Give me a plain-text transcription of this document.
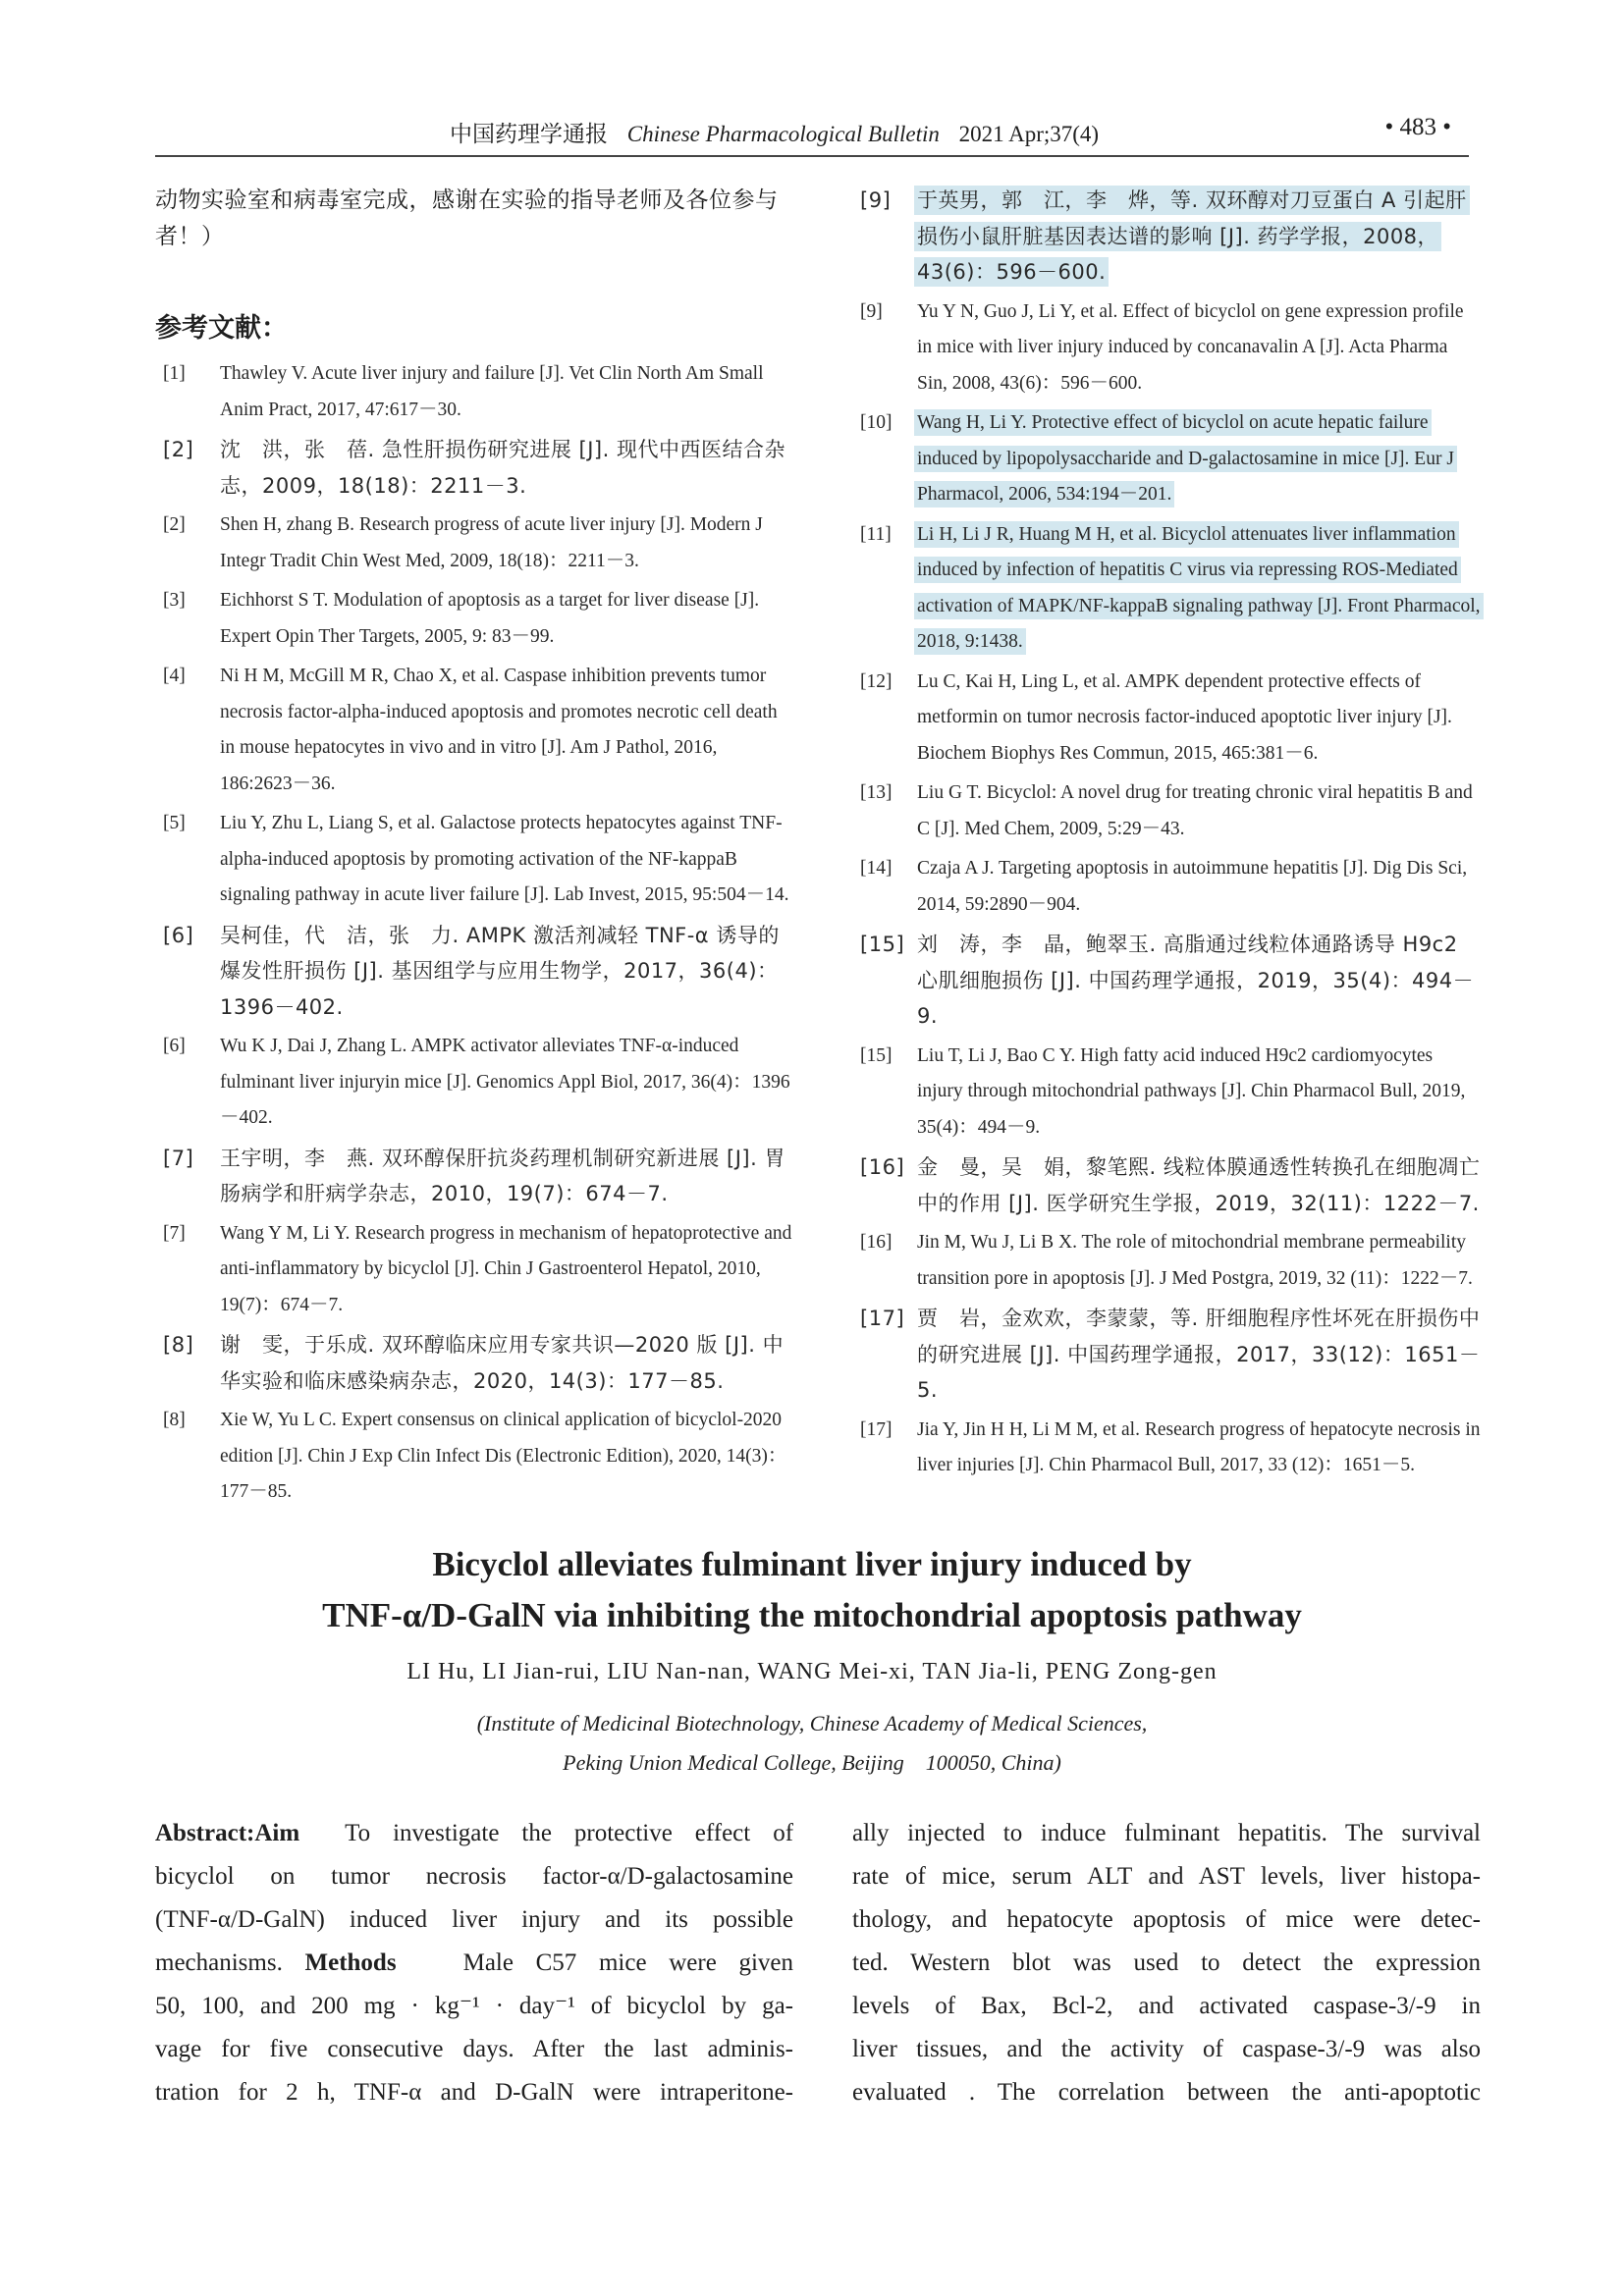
中国药理学通报 Chinese Pharmacological Bulletin 2021 Apr;37(4)	• 483 •

动物实验室和病毒室完成，感谢在实验的指导老师及各位参与者！）

参考文献：
[ 1 ]	Thawley V. Acute liver injury and failure [J]. Vet Clin North Am Small Anim Pract, 2017, 47:617－30.
[ 2 ]	沈　洪，张　蓓. 急性肝损伤研究进展 [J]. 现代中西医结合杂志，2009，18(18)：2211－3.
[ 2 ]	Shen H, zhang B. Research progress of acute liver injury [J]. Modern J Integr Tradit Chin West Med, 2009, 18(18)：2211－3.
[ 3 ]	Eichhorst S T. Modulation of apoptosis as a target for liver disease [J]. Expert Opin Ther Targets, 2005, 9: 83－99.
[ 4 ]	Ni H M, McGill M R, Chao X, et al. Caspase inhibition prevents tumor necrosis factor-alpha-induced apoptosis and promotes necrotic cell death in mouse hepatocytes in vivo and in vitro [J]. Am J Pathol, 2016, 186:2623－36.
[ 5 ]	Liu Y, Zhu L, Liang S, et al. Galactose protects hepatocytes against TNF-alpha-induced apoptosis by promoting activation of the NF-kappaB signaling pathway in acute liver failure [J]. Lab Invest, 2015, 95:504－14.
[ 6 ]	吴柯佳，代　洁，张　力. AMPK 激活剂减轻 TNF-α 诱导的爆发性肝损伤 [J]. 基因组学与应用生物学，2017，36(4)：1396－402.
[ 6 ]	Wu K J, Dai J, Zhang L. AMPK activator alleviates TNF-α-induced fulminant liver injuryin mice [J]. Genomics Appl Biol, 2017, 36(4)：1396－402.
[ 7 ]	王宇明，李　燕. 双环醇保肝抗炎药理机制研究新进展 [J]. 胃肠病学和肝病学杂志，2010，19(7)：674－7.
[ 7 ]	Wang Y M, Li Y. Research progress in mechanism of hepatoprotective and anti-inflammatory by bicyclol [J]. Chin J Gastroenterol Hepatol, 2010, 19(7)：674－7.
[ 8 ]	谢　雯，于乐成. 双环醇临床应用专家共识—2020 版 [J]. 中华实验和临床感染病杂志，2020，14(3)：177－85.
[ 8 ]	Xie W, Yu L C. Expert consensus on clinical application of bicyclol-2020 edition [J]. Chin J Exp Clin Infect Dis (Electronic Edition), 2020, 14(3)：177－85.
[ 9 ]	于英男，郭　江，李　烨，等. 双环醇对刀豆蛋白 A 引起肝损伤小鼠肝脏基因表达谱的影响 [J]. 药学学报，2008，43(6)：596－600.
[ 9 ]	Yu Y N, Guo J, Li Y, et al. Effect of bicyclol on gene expression profile in mice with liver injury induced by concanavalin A [J]. Acta Pharma Sin, 2008, 43(6)：596－600.
[ 10 ]	Wang H, Li Y. Protective effect of bicyclol on acute hepatic failure induced by lipopolysaccharide and D-galactosamine in mice [J]. Eur J Pharmacol, 2006, 534:194－201.
[ 11 ]	Li H, Li J R, Huang M H, et al. Bicyclol attenuates liver inflammation induced by infection of hepatitis C virus via repressing ROS-Mediated activation of MAPK/NF-kappaB signaling pathway [J]. Front Pharmacol, 2018, 9:1438.
[ 12 ]	Lu C, Kai H, Ling L, et al. AMPK dependent protective effects of metformin on tumor necrosis factor-induced apoptotic liver injury [J]. Biochem Biophys Res Commun, 2015, 465:381－6.
[ 13 ]	Liu G T. Bicyclol: A novel drug for treating chronic viral hepatitis B and C [J]. Med Chem, 2009, 5:29－43.
[ 14 ]	Czaja A J. Targeting apoptosis in autoimmune hepatitis [J]. Dig Dis Sci, 2014, 59:2890－904.
[ 15 ]	刘　涛，李　晶，鲍翠玉. 高脂通过线粒体通路诱导 H9c2 心肌细胞损伤 [J]. 中国药理学通报，2019，35(4)：494－9.
[ 15 ]	Liu T, Li J, Bao C Y. High fatty acid induced H9c2 cardiomyocytes injury through mitochondrial pathways [J]. Chin Pharmacol Bull, 2019, 35(4)：494－9.
[ 16 ]	金　曼，吴　娟，黎笔熙. 线粒体膜通透性转换孔在细胞凋亡中的作用 [J]. 医学研究生学报，2019，32(11)：1222－7.
[ 16 ]	Jin M, Wu J, Li B X. The role of mitochondrial membrane permeability transition pore in apoptosis [J]. J Med Postgra, 2019, 32 (11)：1222－7.
[ 17 ]	贾　岩，金欢欢，李蒙蒙，等. 肝细胞程序性坏死在肝损伤中的研究进展 [J]. 中国药理学通报，2017，33(12)：1651－5.
[ 17 ]	Jia Y, Jin H H, Li M M, et al. Research progress of hepatocyte necrosis in liver injuries [J]. Chin Pharmacol Bull, 2017, 33 (12)：1651－5.
Bicyclol alleviates fulminant liver injury induced by
TNF-α/D-GalN via inhibiting the mitochondrial apoptosis pathway
LI Hu, LI Jian-rui, LIU Nan-nan, WANG Mei-xi, TAN Jia-li, PENG Zong-gen
(Institute of Medicinal Biotechnology, Chinese Academy of Medical Sciences,
Peking Union Medical College, Beijing　100050, China)
Abstract:Aim To investigate the protective effect of
bicyclol on tumor necrosis factor-α/D-galactosamine
(TNF-α/D-GalN) induced liver injury and its possible
mechanisms. Methods	Male C57 mice were given
50, 100, and 200 mg · kg⁻¹ · day⁻¹ of bicyclol by ga-
vage for five consecutive days. After the last adminis-
tration for 2 h, TNF-α and D-GalN were intraperitone-
ally injected to induce fulminant hepatitis. The survival
rate of mice, serum ALT and AST levels, liver histopa-
thology, and hepatocyte apoptosis of mice were detec-
ted. Western blot was used to detect the expression
levels of Bax, Bcl-2, and activated caspase-3/-9 in
liver tissues, and the activity of caspase-3/-9 was also
evaluated . The correlation between the anti-apoptotic
